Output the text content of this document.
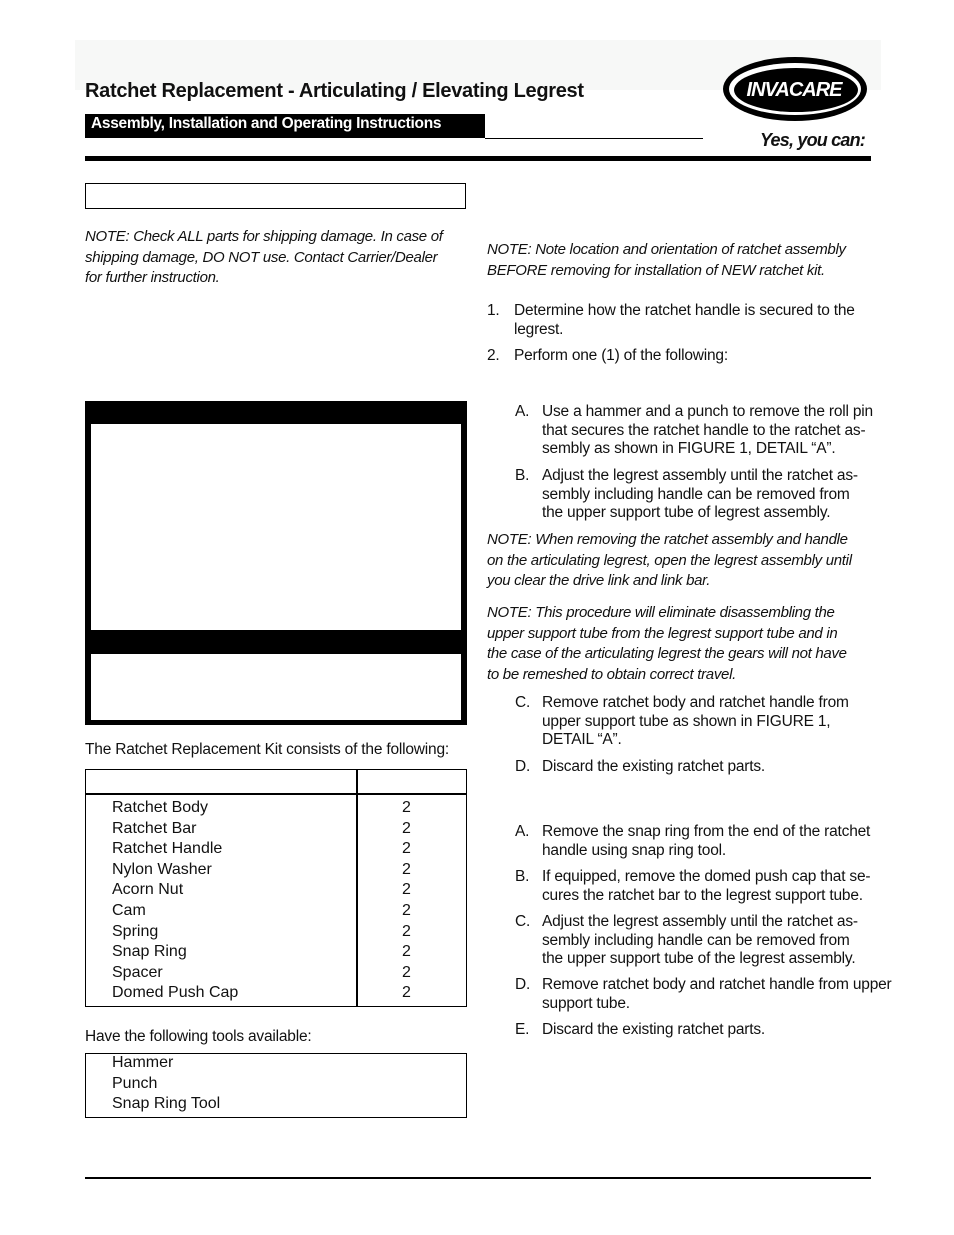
Ratchet Replacement - Articulating / Elevating Legrest
Assembly, Installation and Operating Instructions
INVACARE
Yes, you can:
NOTE: Check ALL parts for shipping damage. In case of
shipping damage, DO NOT use. Contact Carrier/Dealer
for further instruction.
The Ratchet Replacement Kit consists of the following:
Ratchet Body	2
Ratchet Bar	2
Ratchet Handle	2
Nylon Washer	2
Acorn Nut	2
Cam	2
Spring	2
Snap Ring	2
Spacer	2
Domed Push Cap	2
Have the following tools available:
Hammer
Punch
Snap Ring Tool
NOTE: Note location and orientation of ratchet assembly
BEFORE removing for installation of NEW ratchet kit.
1. Determine how the ratchet handle is secured to the
legrest.
2. Perform one (1) of the following:
A. Use a hammer and a punch to remove the roll pin
that secures the ratchet handle to the ratchet as-
sembly as shown in FIGURE 1, DETAIL “A”.
B. Adjust the legrest assembly until the ratchet as-
sembly including handle can be removed from
the upper support tube of legrest assembly.
C. Remove ratchet body and ratchet handle from
upper support tube as shown in FIGURE 1,
DETAIL “A”.
D. Discard the existing ratchet parts.
A. Remove the snap ring from the end of the ratchet
handle using snap ring tool.
B. If equipped, remove the domed push cap that se-
cures the ratchet bar to the legrest support tube.
C. Adjust the legrest assembly until the ratchet as-
sembly including handle can be removed from
the upper support tube of the legrest assembly.
D. Remove ratchet body and ratchet handle from upper
support tube.
E. Discard the existing ratchet parts.
NOTE: When removing the ratchet assembly and handle
on the articulating legrest, open the legrest assembly until
you clear the drive link and link bar.
NOTE: This procedure will eliminate disassembling the
upper support tube from the legrest support tube and in
the case of the articulating legrest the gears will not have
to be remeshed to obtain correct travel.
